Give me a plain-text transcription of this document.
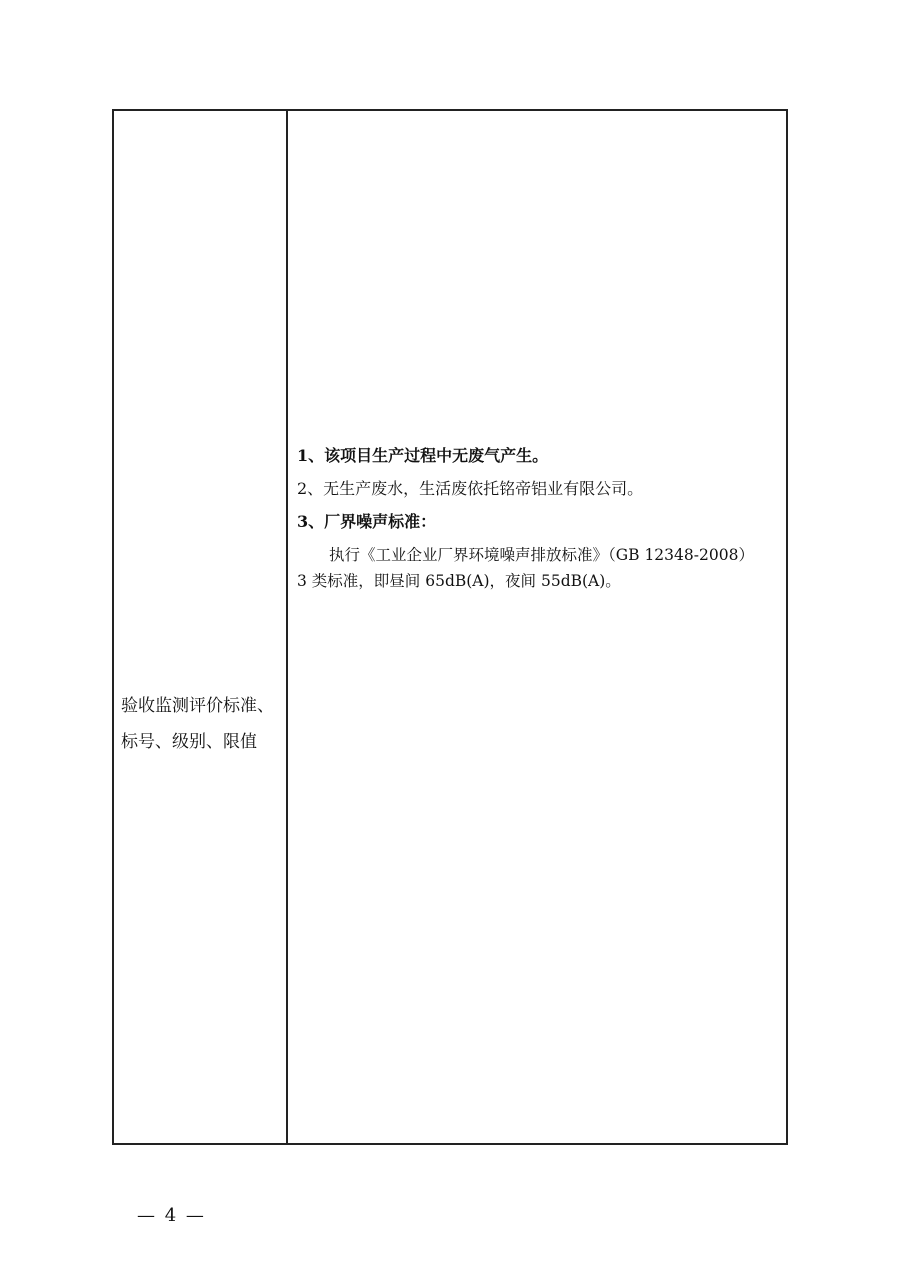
验收监测评价标准、
标号、级别、限值
1、该项目生产过程中无废气产生。
2、无生产废水，生活废依托铭帝铝业有限公司。
3、厂界噪声标准：
执行《工业企业厂界环境噪声排放标准》（GB 12348-2008）
3 类标准，即昼间 65dB(A)，夜间 55dB(A)。
— 4 —
